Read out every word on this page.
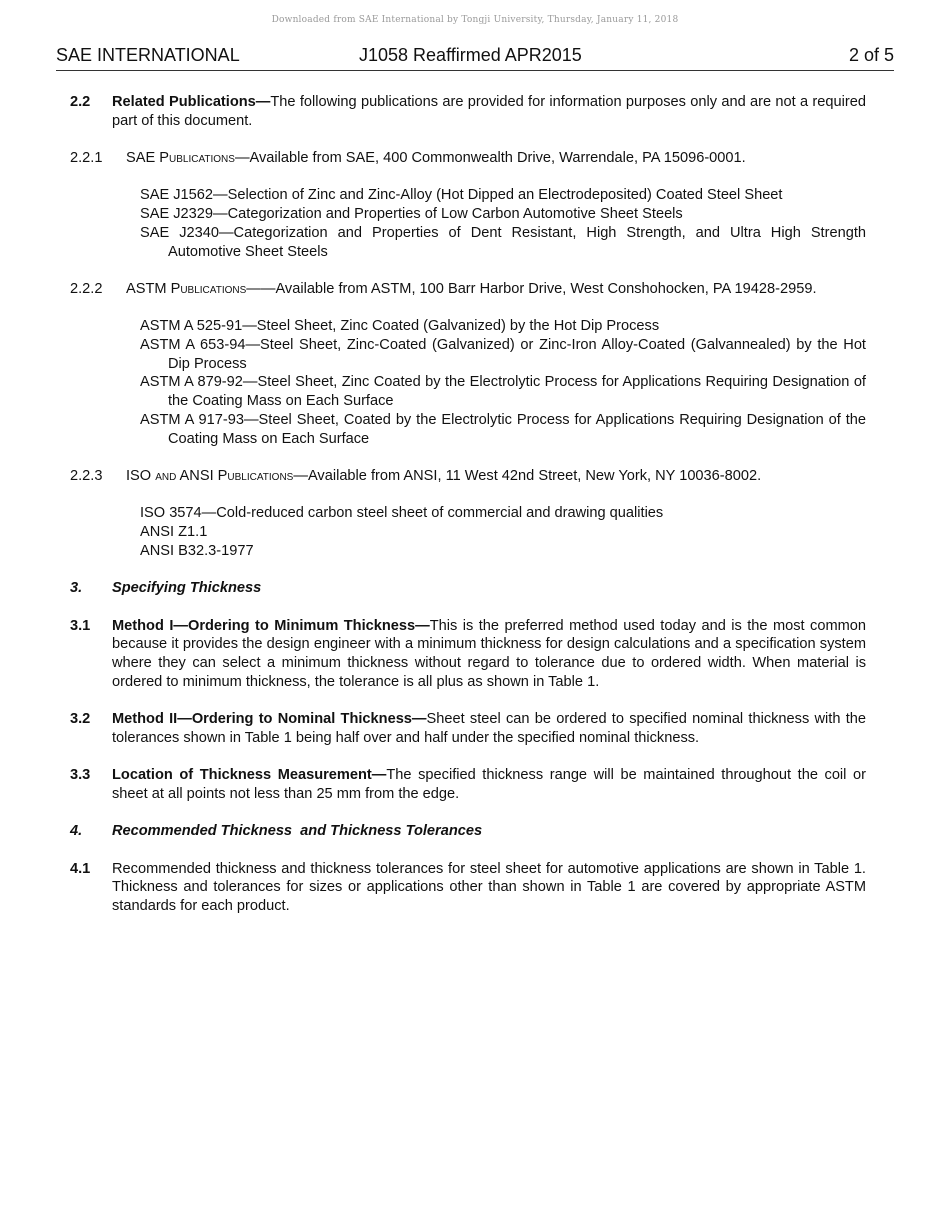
Downloaded from SAE International by Tongji University, Thursday, January 11, 2018
SAE INTERNATIONAL	J1058 Reaffirmed APR2015	2 of 5
2.2 Related Publications—The following publications are provided for information purposes only and are not a required part of this document.
2.2.1 SAE Publications—Available from SAE, 400 Commonwealth Drive, Warrendale, PA 15096-0001.
SAE J1562—Selection of Zinc and Zinc-Alloy (Hot Dipped an Electrodeposited) Coated Steel Sheet
SAE J2329—Categorization and Properties of Low Carbon Automotive Sheet Steels
SAE J2340—Categorization and Properties of Dent Resistant, High Strength, and Ultra High Strength Automotive Sheet Steels
2.2.2 ASTM Publications——Available from ASTM, 100 Barr Harbor Drive, West Conshohocken, PA 19428-2959.
ASTM A 525-91—Steel Sheet, Zinc Coated (Galvanized) by the Hot Dip Process
ASTM A 653-94—Steel Sheet, Zinc-Coated (Galvanized) or Zinc-Iron Alloy-Coated (Galvannealed) by the Hot Dip Process
ASTM A 879-92—Steel Sheet, Zinc Coated by the Electrolytic Process for Applications Requiring Designation of the Coating Mass on Each Surface
ASTM A 917-93—Steel Sheet, Coated by the Electrolytic Process for Applications Requiring Designation of the Coating Mass on Each Surface
2.2.3 ISO and ANSI Publications—Available from ANSI, 11 West 42nd Street, New York, NY 10036-8002.
ISO 3574—Cold-reduced carbon steel sheet of commercial and drawing qualities
ANSI Z1.1
ANSI B32.3-1977
3. Specifying Thickness
3.1 Method I—Ordering to Minimum Thickness—This is the preferred method used today and is the most common because it provides the design engineer with a minimum thickness for design calculations and a specification system where they can select a minimum thickness without regard to tolerance due to ordered width. When material is ordered to minimum thickness, the tolerance is all plus as shown in Table 1.
3.2 Method II—Ordering to Nominal Thickness—Sheet steel can be ordered to specified nominal thickness with the tolerances shown in Table 1 being half over and half under the specified nominal thickness.
3.3 Location of Thickness Measurement—The specified thickness range will be maintained throughout the coil or sheet at all points not less than 25 mm from the edge.
4. Recommended Thickness  and Thickness Tolerances
4.1 Recommended thickness and thickness tolerances for steel sheet for automotive applications are shown in Table 1. Thickness and tolerances for sizes or applications other than shown in Table 1 are covered by appropriate ASTM standards for each product.
